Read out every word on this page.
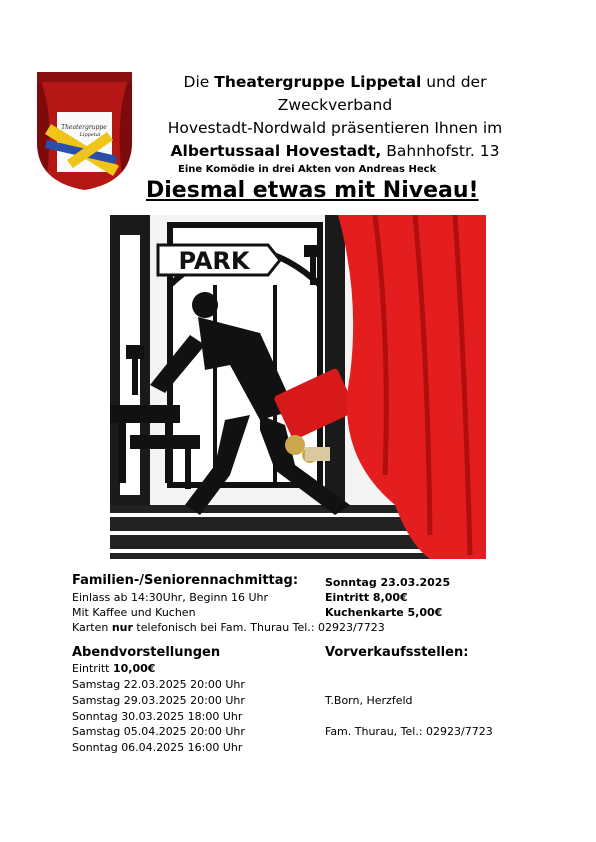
Theatergruppe
Lippetal
Die Theatergruppe Lippetal und der Zweckverband
Hovestadt-Nordwald präsentieren Ihnen im
Albertussaal Hovestadt, Bahnhofstr. 13
Eine Komödie in drei Akten von Andreas Heck
Diesmal etwas mit Niveau!
PARK
Familien-/Seniorennachmittag: Sonntag 23.03.2025
Einlass ab 14:30Uhr, Beginn 16 Uhr	Eintritt 8,00€
Mit Kaffee und Kuchen	Kuchenkarte 5,00€
Karten nur telefonisch bei Fam. Thurau Tel.: 02923/7723
Abendvorstellungen
Eintritt 10,00€
Samstag 22.03.2025 20:00 Uhr
Samstag 29.03.2025 20:00 Uhr
Sonntag 30.03.2025 18:00 Uhr
Samstag 05.04.2025 20:00 Uhr
Sonntag 06.04.2025 16:00 Uhr
Vorverkaufsstellen:
T.Born, Herzfeld
Fam. Thurau, Tel.: 02923/7723
